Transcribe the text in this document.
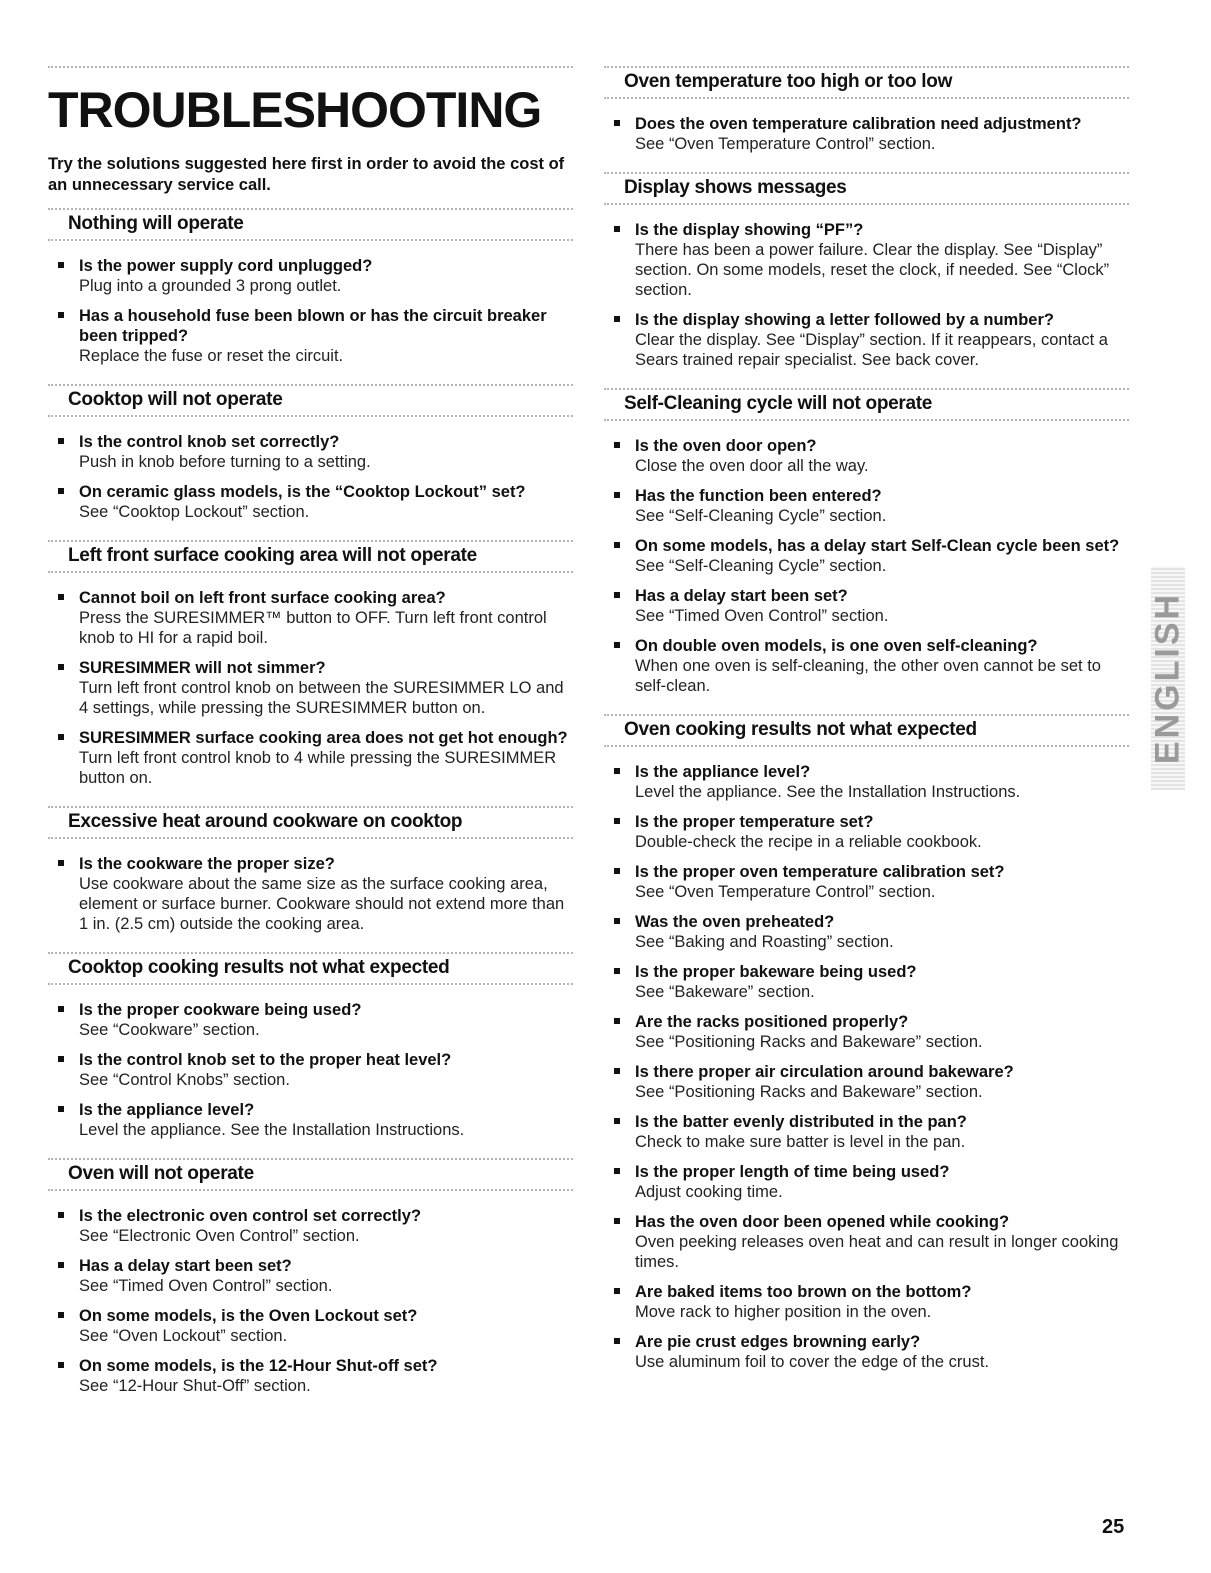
TROUBLESHOOTING

Try the solutions suggested here first in order to avoid the cost of an unnecessary service call.

Nothing will operate
Is the power supply cord unplugged?
Plug into a grounded 3 prong outlet.
Has a household fuse been blown or has the circuit breaker been tripped?
Replace the fuse or reset the circuit.
Cooktop will not operate
Is the control knob set correctly?
Push in knob before turning to a setting.
On ceramic glass models, is the “Cooktop Lockout” set?
See “Cooktop Lockout” section.
Left front surface cooking area will not operate
Cannot boil on left front surface cooking area?
Press the SURESIMMER™ button to OFF. Turn left front control knob to HI for a rapid boil.
SURESIMMER will not simmer?
Turn left front control knob on between the SURESIMMER LO and 4 settings, while pressing the SURESIMMER button on.
SURESIMMER surface cooking area does not get hot enough?
Turn left front control knob to 4 while pressing the SURESIMMER button on.
Excessive heat around cookware on cooktop
Is the cookware the proper size?
Use cookware about the same size as the surface cooking area, element or surface burner. Cookware should not extend more than 1 in. (2.5 cm) outside the cooking area.
Cooktop cooking results not what expected
Is the proper cookware being used?
See “Cookware” section.
Is the control knob set to the proper heat level?
See “Control Knobs” section.
Is the appliance level?
Level the appliance. See the Installation Instructions.
Oven will not operate
Is the electronic oven control set correctly?
See “Electronic Oven Control” section.
Has a delay start been set?
See “Timed Oven Control” section.
On some models, is the Oven Lockout set?
See “Oven Lockout” section.
On some models, is the 12-Hour Shut-off set?
See “12-Hour Shut-Off” section.
Oven temperature too high or too low
Does the oven temperature calibration need adjustment?
See “Oven Temperature Control” section.
Display shows messages
Is the display showing “PF”?
There has been a power failure. Clear the display. See “Display” section. On some models, reset the clock, if needed. See “Clock” section.
Is the display showing a letter followed by a number?
Clear the display. See “Display” section. If it reappears, contact a Sears trained repair specialist. See back cover.
Self-Cleaning cycle will not operate
Is the oven door open?
Close the oven door all the way.
Has the function been entered?
See “Self-Cleaning Cycle” section.
On some models, has a delay start Self-Clean cycle been set?
See “Self-Cleaning Cycle” section.
Has a delay start been set?
See “Timed Oven Control” section.
On double oven models, is one oven self-cleaning?
When one oven is self-cleaning, the other oven cannot be set to self-clean.
Oven cooking results not what expected
Is the appliance level?
Level the appliance. See the Installation Instructions.
Is the proper temperature set?
Double-check the recipe in a reliable cookbook.
Is the proper oven temperature calibration set?
See “Oven Temperature Control” section.
Was the oven preheated?
See “Baking and Roasting” section.
Is the proper bakeware being used?
See “Bakeware” section.
Are the racks positioned properly?
See “Positioning Racks and Bakeware” section.
Is there proper air circulation around bakeware?
See “Positioning Racks and Bakeware” section.
Is the batter evenly distributed in the pan?
Check to make sure batter is level in the pan.
Is the proper length of time being used?
Adjust cooking time.
Has the oven door been opened while cooking?
Oven peeking releases oven heat and can result in longer cooking times.
Are baked items too brown on the bottom?
Move rack to higher position in the oven.
Are pie crust edges browning early?
Use aluminum foil to cover the edge of the crust.
ENGLISH
25
